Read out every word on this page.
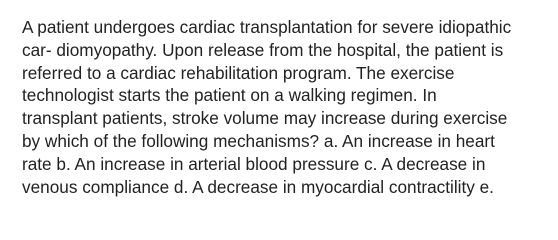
A patient undergoes cardiac transplantation for severe idiopathic
car- diomyopathy. Upon release from the hospital, the patient is
referred to a cardiac rehabilitation program. The exercise
technologist starts the patient on a walking regimen. In
transplant patients, stroke volume may increase during exercise
by which of the following mechanisms? a. An increase in heart
rate b. An increase in arterial blood pressure c. A decrease in
venous compliance d. A decrease in myocardial contractility e.
